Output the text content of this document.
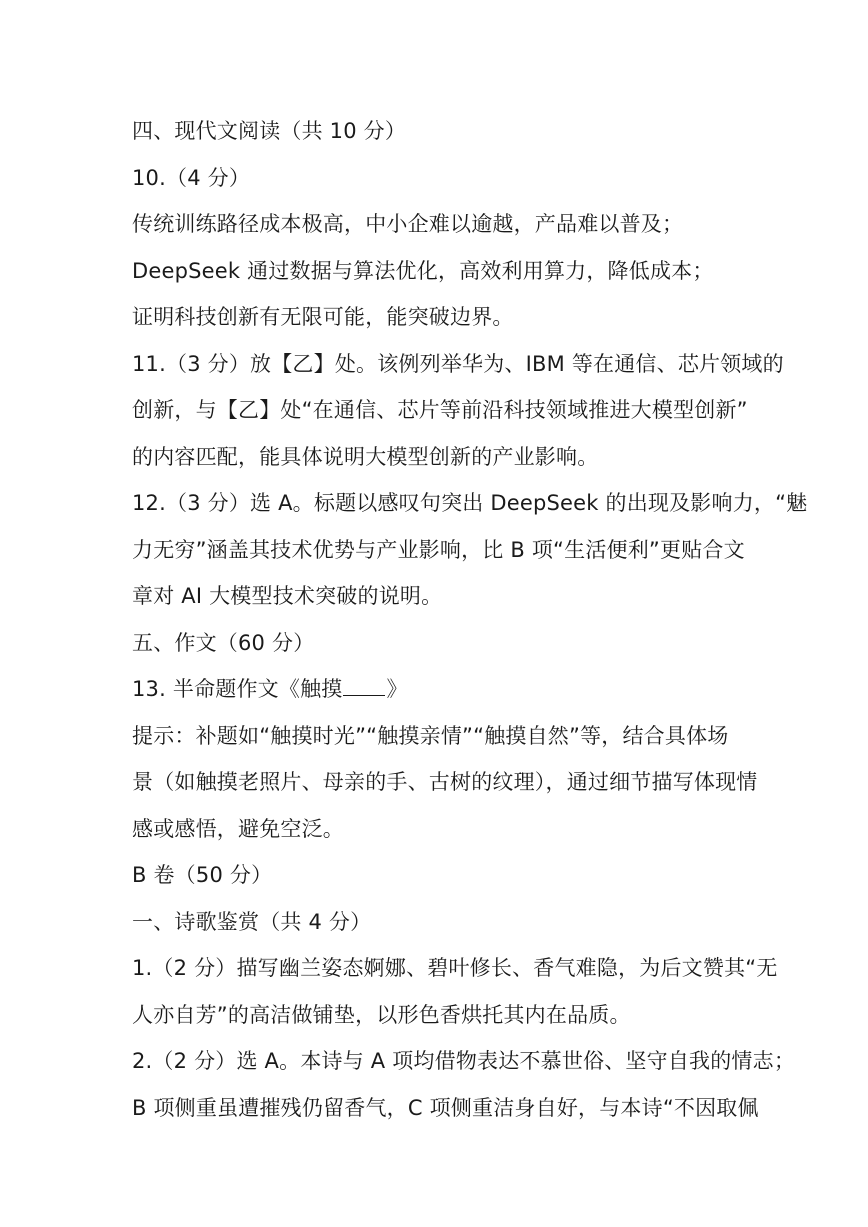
四、现代文阅读（共 10 分）
10.（4 分）
传统训练路径成本极高，中小企难以逾越，产品难以普及；
DeepSeek 通过数据与算法优化，高效利用算力，降低成本；
证明科技创新有无限可能，能突破边界。
11.（3 分）放【乙】处。该例列举华为、IBM 等在通信、芯片领域的
创新，与【乙】处“在通信、芯片等前沿科技领域推进大模型创新”
的内容匹配，能具体说明大模型创新的产业影响。
12.（3 分）选 A。标题以感叹句突出 DeepSeek 的出现及影响力，“魅
力无穷”涵盖其技术优势与产业影响，比 B 项“生活便利”更贴合文
章对 AI 大模型技术突破的说明。
五、作文（60 分）
13. 半命题作文《触摸 》
提示：补题如“触摸时光”“触摸亲情”“触摸自然”等，结合具体场
景（如触摸老照片、母亲的手、古树的纹理），通过细节描写体现情
感或感悟，避免空泛。
B 卷（50 分）
一、诗歌鉴赏（共 4 分）
1.（2 分）描写幽兰姿态婀娜、碧叶修长、香气难隐，为后文赞其“无
人亦自芳”的高洁做铺垫，以形色香烘托其内在品质。
2.（2 分）选 A。本诗与 A 项均借物表达不慕世俗、坚守自我的情志；
B 项侧重虽遭摧残仍留香气，C 项侧重洁身自好，与本诗“不因取佩
